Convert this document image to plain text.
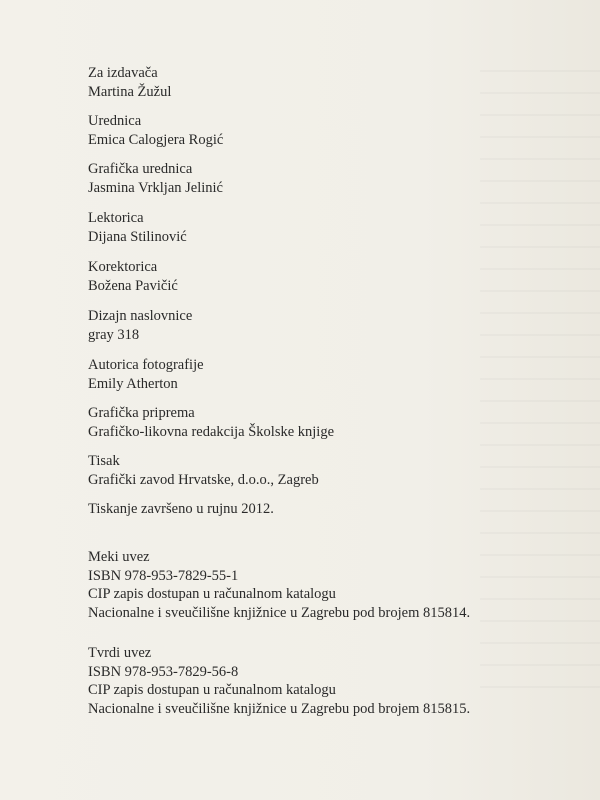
Za izdavača

Martina Žužul

Urednica

Emica Calogjera Rogić

Grafička urednica

Jasmina Vrkljan Jelinić

Lektorica

Dijana Stilinović

Korektorica

Božena Pavičić

Dizajn naslovnice

gray 318

Autorica fotografije

Emily Atherton

Grafička priprema

Grafičko-likovna redakcija Školske knjige

Tisak

Grafički zavod Hrvatske, d.o.o., Zagreb

Tiskanje završeno u rujnu 2012.

Meki uvez

ISBN 978-953-7829-55-1

CIP zapis dostupan u računalnom katalogu

Nacionalne i sveučilišne knjižnice u Zagrebu pod brojem 815814.

Tvrdi uvez

ISBN 978-953-7829-56-8

CIP zapis dostupan u računalnom katalogu

Nacionalne i sveučilišne knjižnice u Zagrebu pod brojem 815815.
